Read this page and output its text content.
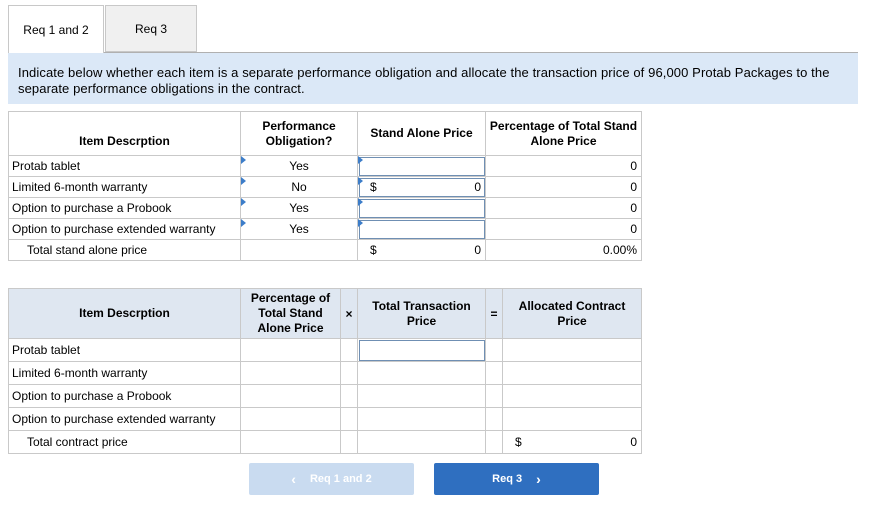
Req 1 and 2	Req 3
Indicate below whether each item is a separate performance obligation and allocate the transaction price of 96,000 Protab Packages to the separate performance obligations in the contract.
Item Descrption	Performance Obligation?	Stand Alone Price	Percentage of Total Stand Alone Price
Protab tablet	Yes		0
Limited 6-month warranty	No	$ 0	0
Option to purchase a Probook	Yes		0
Option to purchase extended warranty	Yes		0
Total stand alone price		$ 0	0.00%
Item Descrption	Percentage of Total Stand Alone Price	×	Total Transaction Price	=	Allocated Contract Price
Protab tablet					
Limited 6-month warranty					
Option to purchase a Probook					
Option to purchase extended warranty					
Total contract price					$ 0
‹ Req 1 and 2	Req 3 ›
